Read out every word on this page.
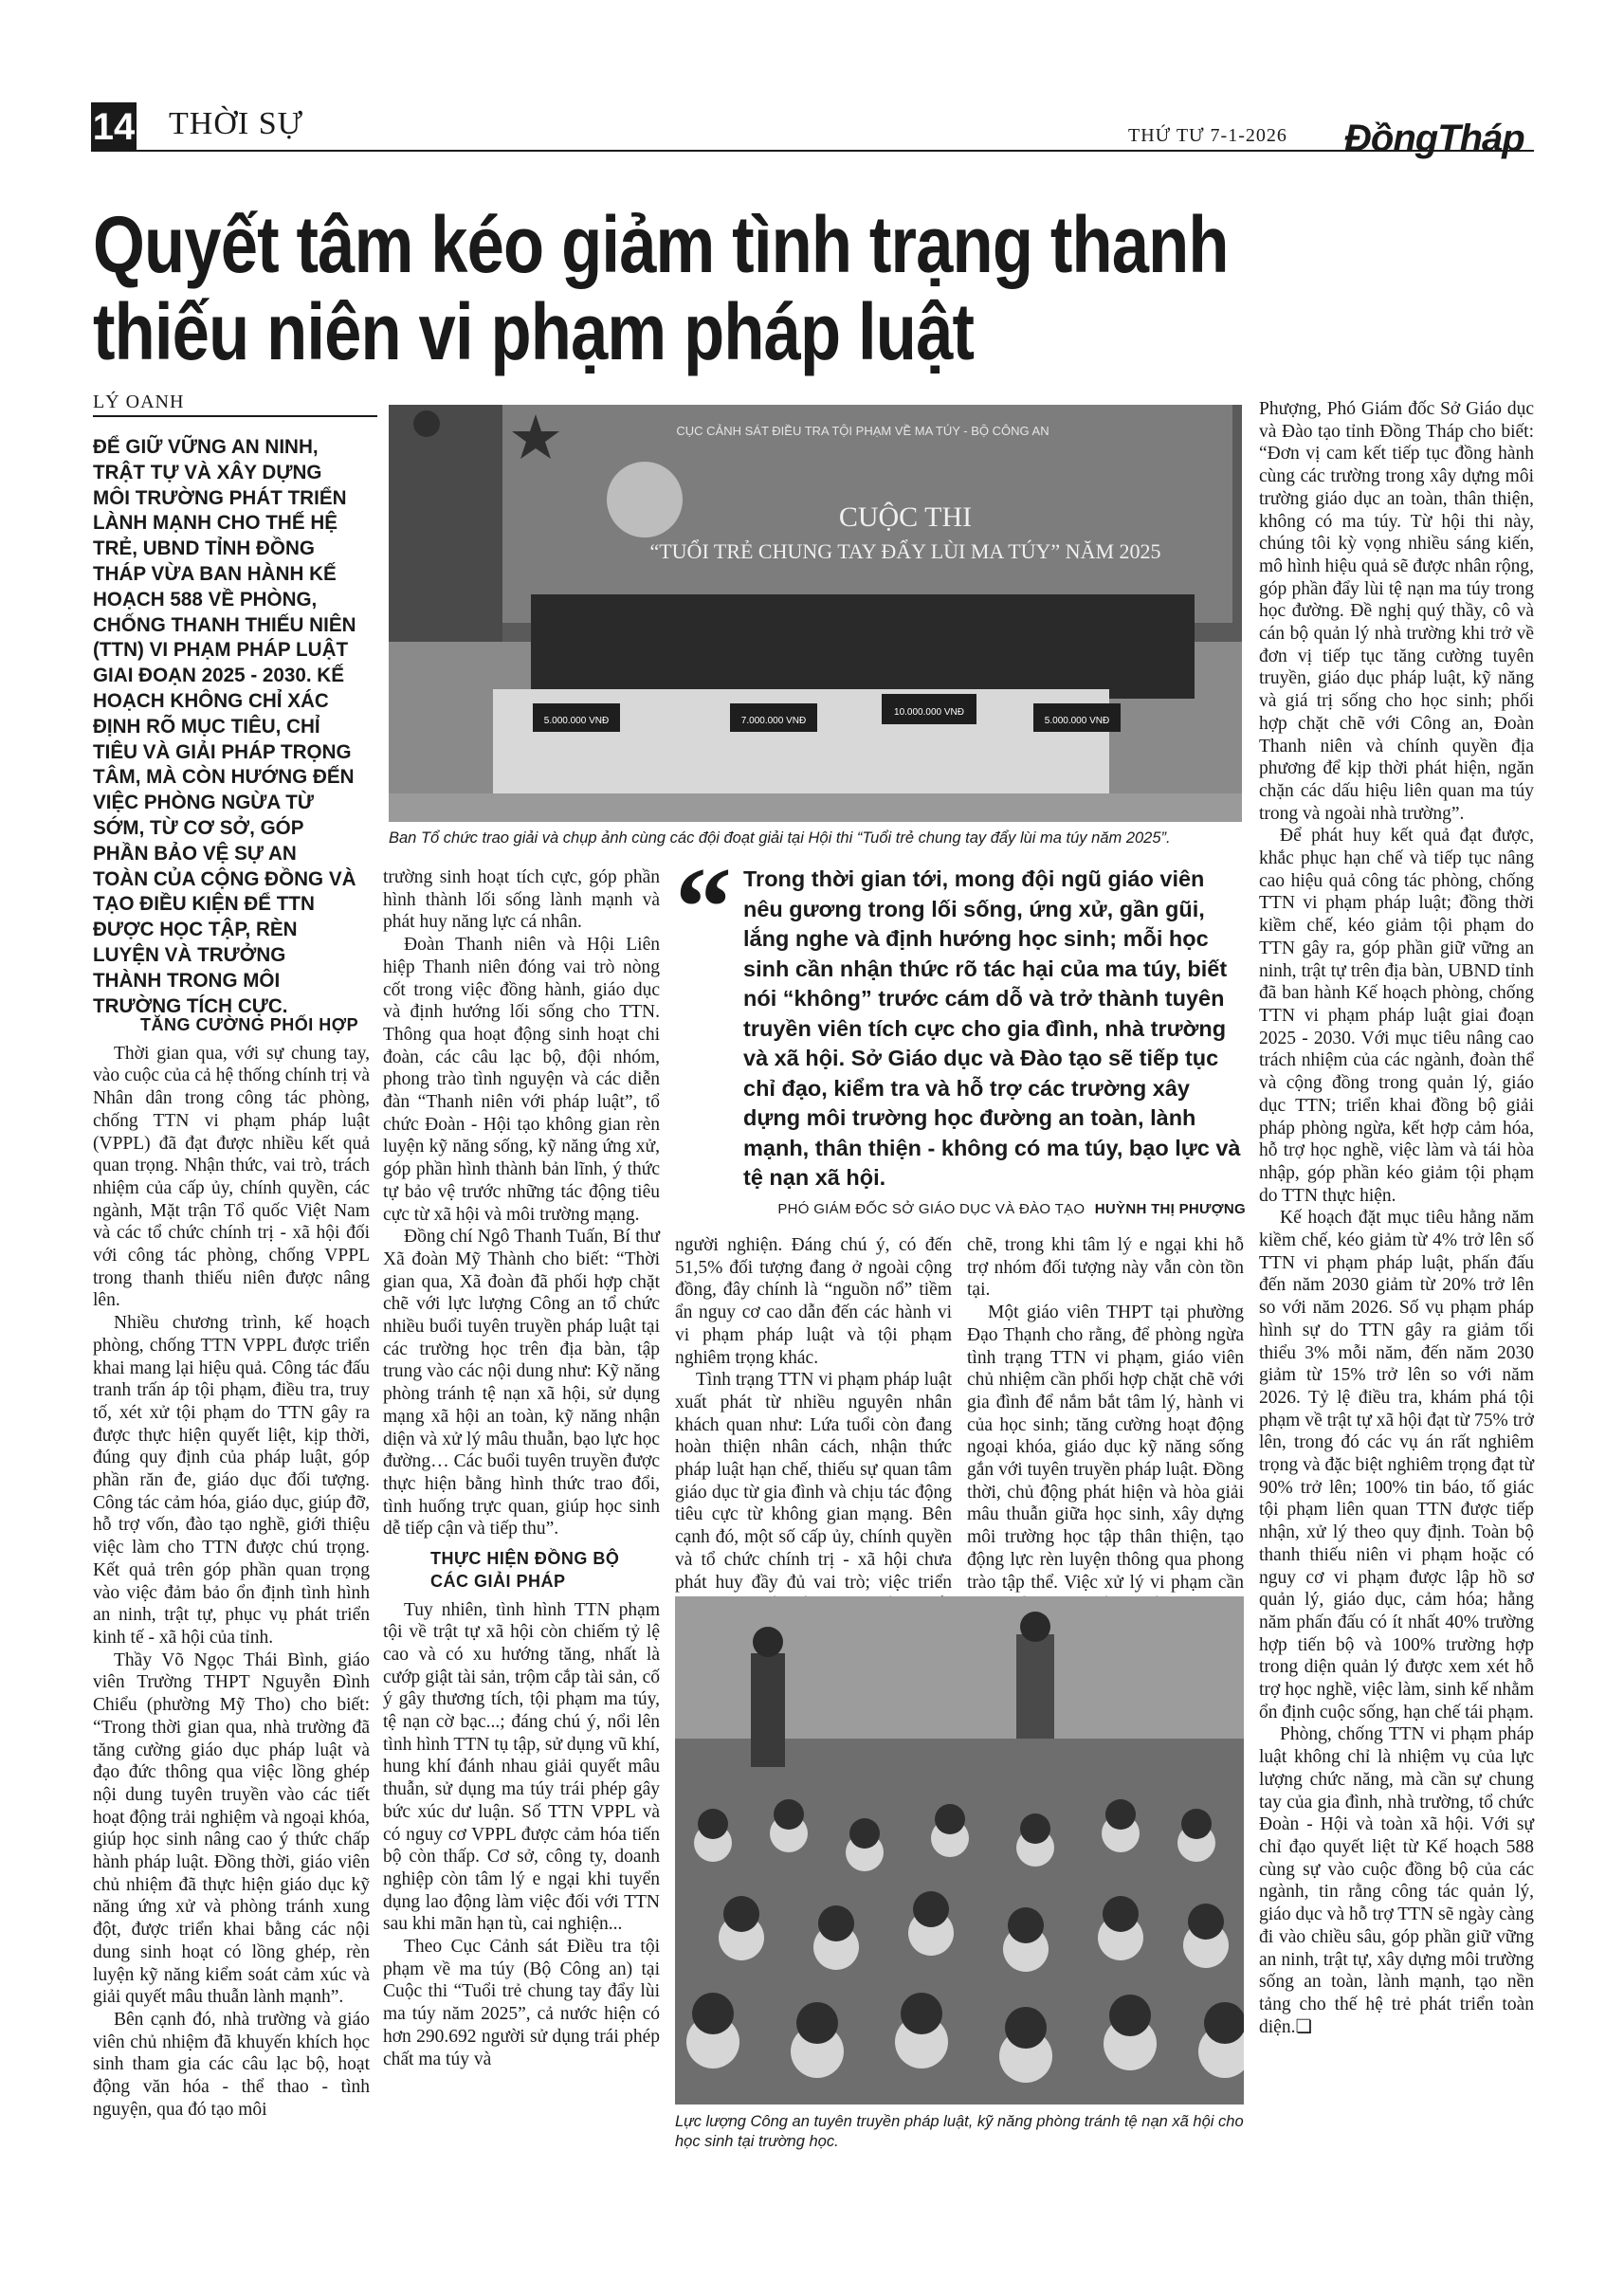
14 THỜI SỰ	THỨ TƯ 7-1-2026 ĐồngTháp
Quyết tâm kéo giảm tình trạng thanh
thiếu niên vi phạm pháp luật
LÝ OANH
ĐỂ GIỮ VỮNG AN NINH, TRẬT TỰ VÀ XÂY DỰNG MÔI TRƯỜNG PHÁT TRIỂN LÀNH MẠNH CHO THẾ HỆ TRẺ, UBND TỈNH ĐỒNG THÁP VỪA BAN HÀNH KẾ HOẠCH 588 VỀ PHÒNG, CHỐNG THANH THIẾU NIÊN (TTN) VI PHẠM PHÁP LUẬT GIAI ĐOẠN 2025 - 2030. KẾ HOẠCH KHÔNG CHỈ XÁC ĐỊNH RÕ MỤC TIÊU, CHỈ TIÊU VÀ GIẢI PHÁP TRỌNG TÂM, MÀ CÒN HƯỚNG ĐẾN VIỆC PHÒNG NGỪA TỪ SỚM, TỪ CƠ SỞ, GÓP PHẦN BẢO VỆ SỰ AN TOÀN CỦA CỘNG ĐỒNG VÀ TẠO ĐIỀU KIỆN ĐỂ TTN ĐƯỢC HỌC TẬP, RÈN LUYỆN VÀ TRƯỞNG THÀNH TRONG MÔI TRƯỜNG TÍCH CỰC.
CỤC CẢNH SÁT ĐIỀU TRA TỘI PHẠM VỀ MA TÚY - BỘ CÔNG AN
CUỘC THI
“TUỔI TRẺ CHUNG TAY ĐẨY LÙI MA TÚY” NĂM 2025
5.000.000 VNĐ	7.000.000 VNĐ
10.000.000 VNĐ
5.000.000 VNĐ
Ban Tổ chức trao giải và chụp ảnh cùng các đội đoạt giải tại Hội thi “Tuổi trẻ chung tay đẩy lùi ma túy năm 2025”.
TĂNG CƯỜNG PHỐI HỢP

Thời gian qua, với sự chung tay, vào cuộc của cả hệ thống chính trị và Nhân dân trong công tác phòng, chống TTN vi phạm pháp luật (VPPL) đã đạt được nhiều kết quả quan trọng. Nhận thức, vai trò, trách nhiệm của cấp ủy, chính quyền, các ngành, Mặt trận Tổ quốc Việt Nam và các tổ chức chính trị - xã hội đối với công tác phòng, chống VPPL trong thanh thiếu niên được nâng lên.

Nhiều chương trình, kế hoạch phòng, chống TTN VPPL được triển khai mang lại hiệu quả. Công tác đấu tranh trấn áp tội phạm, điều tra, truy tố, xét xử tội phạm do TTN gây ra được thực hiện quyết liệt, kịp thời, đúng quy định của pháp luật, góp phần răn đe, giáo dục đối tượng. Công tác cảm hóa, giáo dục, giúp đỡ, hỗ trợ vốn, đào tạo nghề, giới thiệu việc làm cho TTN được chú trọng. Kết quả trên góp phần quan trọng vào việc đảm bảo ổn định tình hình an ninh, trật tự, phục vụ phát triển kinh tế - xã hội của tỉnh.

Thầy Võ Ngọc Thái Bình, giáo viên Trường THPT Nguyễn Đình Chiểu (phường Mỹ Tho) cho biết: “Trong thời gian qua, nhà trường đã tăng cường giáo dục pháp luật và đạo đức thông qua việc lồng ghép nội dung tuyên truyền vào các tiết hoạt động trải nghiệm và ngoại khóa, giúp học sinh nâng cao ý thức chấp hành pháp luật. Đồng thời, giáo viên chủ nhiệm đã thực hiện giáo dục kỹ năng ứng xử và phòng tránh xung đột, được triển khai bằng các nội dung sinh hoạt có lồng ghép, rèn luyện kỹ năng kiểm soát cảm xúc và giải quyết mâu thuẫn lành mạnh”.

Bên cạnh đó, nhà trường và giáo viên chủ nhiệm đã khuyến khích học sinh tham gia các câu lạc bộ, hoạt động văn hóa - thể thao - tình nguyện, qua đó tạo môi

trường sinh hoạt tích cực, góp phần hình thành lối sống lành mạnh và phát huy năng lực cá nhân.

Đoàn Thanh niên và Hội Liên hiệp Thanh niên đóng vai trò nòng cốt trong việc đồng hành, giáo dục và định hướng lối sống cho TTN. Thông qua hoạt động sinh hoạt chi đoàn, các câu lạc bộ, đội nhóm, phong trào tình nguyện và các diễn đàn “Thanh niên với pháp luật”, tổ chức Đoàn - Hội tạo không gian rèn luyện kỹ năng sống, kỹ năng ứng xử, góp phần hình thành bản lĩnh, ý thức tự bảo vệ trước những tác động tiêu cực từ xã hội và môi trường mạng.

Đồng chí Ngô Thanh Tuấn, Bí thư Xã đoàn Mỹ Thành cho biết: “Thời gian qua, Xã đoàn đã phối hợp chặt chẽ với lực lượng Công an tổ chức nhiều buổi tuyên truyền pháp luật tại các trường học trên địa bàn, tập trung vào các nội dung như: Kỹ năng phòng tránh tệ nạn xã hội, sử dụng mạng xã hội an toàn, kỹ năng nhận diện và xử lý mâu thuẫn, bạo lực học đường… Các buổi tuyên truyền được thực hiện bằng hình thức trao đổi, tình huống trực quan, giúp học sinh dễ tiếp cận và tiếp thu”.

THỰC HIỆN ĐỒNG BỘ
CÁC GIẢI PHÁP

Tuy nhiên, tình hình TTN phạm tội về trật tự xã hội còn chiếm tỷ lệ cao và có xu hướng tăng, nhất là cướp giật tài sản, trộm cắp tài sản, cố ý gây thương tích, tội phạm ma túy, tệ nạn cờ bạc...; đáng chú ý, nổi lên tình hình TTN tụ tập, sử dụng vũ khí, hung khí đánh nhau giải quyết mâu thuẫn, sử dụng ma túy trái phép gây bức xúc dư luận. Số TTN VPPL và có nguy cơ VPPL được cảm hóa tiến bộ còn thấp. Cơ sở, công ty, doanh nghiệp còn tâm lý e ngại khi tuyển dụng lao động làm việc đối với TTN sau khi mãn hạn tù, cai nghiện...

Theo Cục Cảnh sát Điều tra tội phạm về ma túy (Bộ Công an) tại Cuộc thi “Tuổi trẻ chung tay đẩy lùi ma túy năm 2025”, cả nước hiện có hơn 290.692 người sử dụng trái phép chất ma túy và

“ Trong thời gian tới, mong đội ngũ giáo viên nêu gương trong lối sống, ứng xử, gần gũi, lắng nghe và định hướng học sinh; mỗi học sinh cần nhận thức rõ tác hại của ma túy, biết nói “không” trước cám dỗ và trở thành tuyên truyền viên tích cực cho gia đình, nhà trường và xã hội. Sở Giáo dục và Đào tạo sẽ tiếp tục chỉ đạo, kiểm tra và hỗ trợ các trường xây dựng môi trường học đường an toàn, lành mạnh, thân thiện - không có ma túy, bạo lực và tệ nạn xã hội.
PHÓ GIÁM ĐỐC SỞ GIÁO DỤC VÀ ĐÀO TẠO HUỲNH THỊ PHƯỢNG

người nghiện. Đáng chú ý, có đến 51,5% đối tượng đang ở ngoài cộng đồng, đây chính là “nguồn nổ” tiềm ẩn nguy cơ cao dẫn đến các hành vi vi phạm pháp luật và tội phạm nghiêm trọng khác.

Tình trạng TTN vi phạm pháp luật xuất phát từ nhiều nguyên nhân khách quan như: Lứa tuổi còn đang hoàn thiện nhân cách, nhận thức pháp luật hạn chế, thiếu sự quan tâm giáo dục từ gia đình và chịu tác động tiêu cực từ không gian mạng. Bên cạnh đó, một số cấp ủy, chính quyền và tổ chức chính trị - xã hội chưa phát huy đầy đủ vai trò; việc triển

chẽ, trong khi tâm lý e ngại khi hỗ trợ nhóm đối tượng này vẫn còn tồn tại.

Một giáo viên THPT tại phường Đạo Thạnh cho rằng, để phòng ngừa tình trạng TTN vi phạm, giáo viên chủ nhiệm cần phối hợp chặt chẽ với gia đình để nắm bắt tâm lý, hành vi của học sinh; tăng cường hoạt động ngoại khóa, giáo dục kỹ năng sống gắn với tuyên truyền pháp luật. Đồng thời, chủ động phát hiện và hòa giải mâu thuẫn giữa học sinh, xây dựng môi trường học tập thân thiện, tạo động lực rèn luyện thông qua phong trào tập thể. Việc xử lý vi phạm cần

Lực lượng Công an tuyên truyền pháp luật, kỹ năng phòng tránh tệ nạn xã hội cho học sinh tại trường học.

Phượng, Phó Giám đốc Sở Giáo dục và Đào tạo tỉnh Đồng Tháp cho biết: “Đơn vị cam kết tiếp tục đồng hành cùng các trường trong xây dựng môi trường giáo dục an toàn, thân thiện, không có ma túy. Từ hội thi này, chúng tôi kỳ vọng nhiều sáng kiến, mô hình hiệu quả sẽ được nhân rộng, góp phần đẩy lùi tệ nạn ma túy trong học đường. Đề nghị quý thầy, cô và cán bộ quản lý nhà trường khi trở về đơn vị tiếp tục tăng cường tuyên truyền, giáo dục pháp luật, kỹ năng và giá trị sống cho học sinh; phối hợp chặt chẽ với Công an, Đoàn Thanh niên và chính quyền địa phương để kịp thời phát hiện, ngăn chặn các dấu hiệu liên quan ma túy trong và ngoài nhà trường”.

Để phát huy kết quả đạt được, khắc phục hạn chế và tiếp tục nâng cao hiệu quả công tác phòng, chống TTN vi phạm pháp luật; đồng thời kiềm chế, kéo giảm tội phạm do TTN gây ra, góp phần giữ vững an ninh, trật tự trên địa bàn, UBND tỉnh đã ban hành Kế hoạch phòng, chống TTN vi phạm pháp luật giai đoạn 2025 - 2030. Với mục tiêu nâng cao trách nhiệm của các ngành, đoàn thể và cộng đồng trong quản lý, giáo dục TTN; triển khai đồng bộ giải pháp phòng ngừa, kết hợp cảm hóa, hỗ trợ học nghề, việc làm và tái hòa nhập, góp phần kéo giảm tội phạm do TTN thực hiện.

Kế hoạch đặt mục tiêu hằng năm kiềm chế, kéo giảm từ 4% trở lên số TTN vi phạm pháp luật, phấn đấu đến năm 2030 giảm từ 20% trở lên so với năm 2026. Số vụ phạm pháp hình sự do TTN gây ra giảm tối thiểu 3% mỗi năm, đến năm 2030 giảm từ 15% trở lên so với năm 2026. Tỷ lệ điều tra, khám phá tội phạm về trật tự xã hội đạt từ 75% trở lên, trong đó các vụ án rất nghiêm trọng và đặc biệt nghiêm trọng đạt từ 90% trở lên; 100% tin báo, tố giác tội phạm liên quan TTN được tiếp nhận, xử lý theo quy định. Toàn bộ thanh thiếu niên vi phạm hoặc có nguy cơ vi phạm được lập hồ sơ quản lý, giáo dục, cảm hóa; hằng năm phấn đấu có ít nhất 40% trường hợp tiến bộ và 100% trường hợp trong diện quản lý được xem xét hỗ trợ học nghề, việc làm, sinh kế nhằm ổn định cuộc sống, hạn chế tái phạm.

Phòng, chống TTN vi phạm pháp luật không chỉ là nhiệm vụ của lực lượng chức năng, mà cần sự chung tay của gia đình, nhà trường, tổ chức Đoàn - Hội và toàn xã hội. Với sự chỉ đạo quyết liệt từ Kế hoạch 588 cùng sự vào cuộc đồng bộ của các ngành, tin rằng công tác quản lý, giáo dục và hỗ trợ TTN sẽ ngày càng đi vào chiều sâu, góp phần giữ vững an ninh, trật tự, xây dựng môi trường sống an toàn, lành mạnh, tạo nền tảng cho thế hệ trẻ phát triển toàn diện.❏
